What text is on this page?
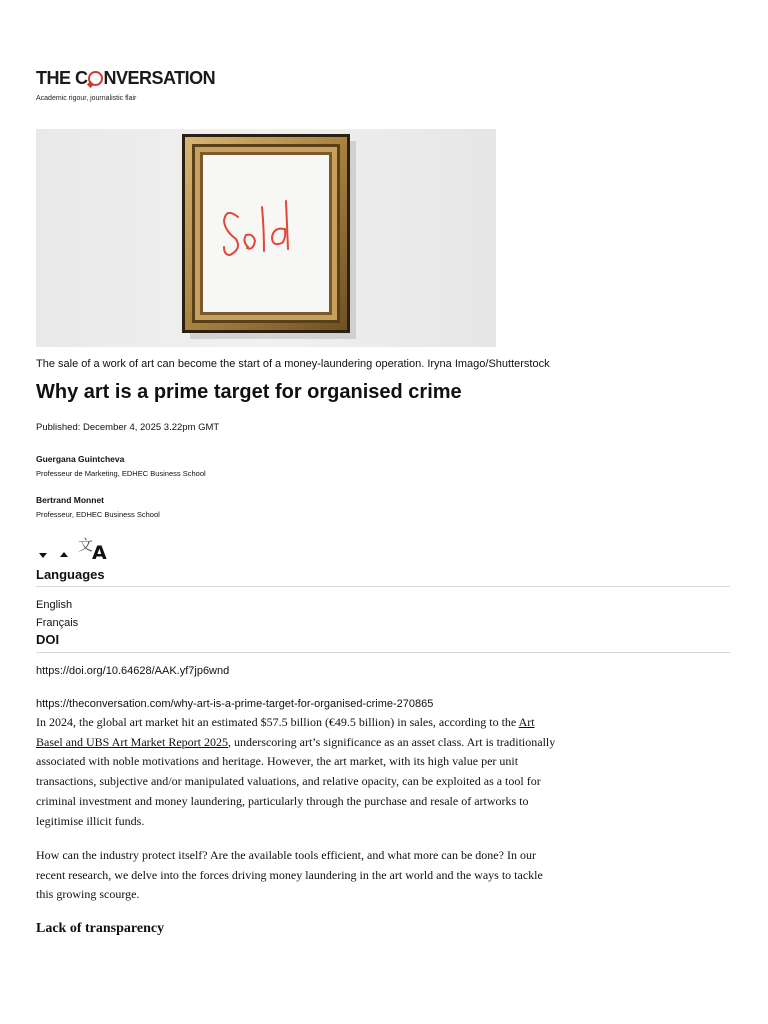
THE C NVERSATION
Academic rigour, journalistic flair
The sale of a work of art can become the start of a money-laundering operation. Iryna Imago/Shutterstock
Why art is a prime target for organised crime
Published: December 4, 2025 3.22pm GMT
Guergana Guintcheva
Professeur de Marketing, EDHEC Business School
Bertrand Monnet
Professeur, EDHEC Business School
文
A
Languages
English
Français
DOI
https://doi.org/10.64628/AAK.yf7jp6wnd
https://theconversation.com/why-art-is-a-prime-target-for-organised-crime-270865

In 2024, the global art market hit an estimated $57.5 billion (€49.5 billion) in sales, according to the Art Basel and UBS Art Market Report 2025, underscoring art’s significance as an asset class. Art is traditionally associated with noble motivations and heritage. However, the art market, with its high value per unit transactions, subjective and/or manipulated valuations, and relative opacity, can be exploited as a tool for criminal investment and money laundering, particularly through the purchase and resale of artworks to legitimise illicit funds.

How can the industry protect itself? Are the available tools efficient, and what more can be done? In our recent research, we delve into the forces driving money laundering in the art world and the ways to tackle this growing scourge.

Lack of transparency
